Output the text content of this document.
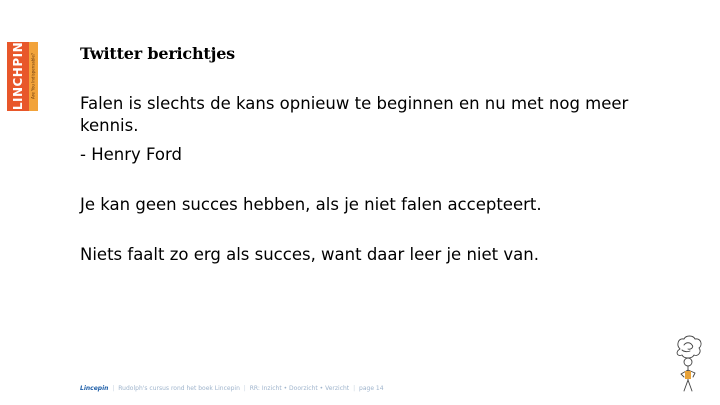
LINCHPIN Are You Indispensable?	Twitter berichtjes

Falen is slechts de kans opnieuw te beginnen en nu met nog meer kennis.

- Henry Ford

Je kan geen succes hebben, als je niet falen accepteert.

Niets faalt zo erg als succes, want daar leer je niet van.

Lincepin | Rudolph's cursus rond het boek Lincepin | RR: Inzicht • Doorzicht • Verzicht | page 14
